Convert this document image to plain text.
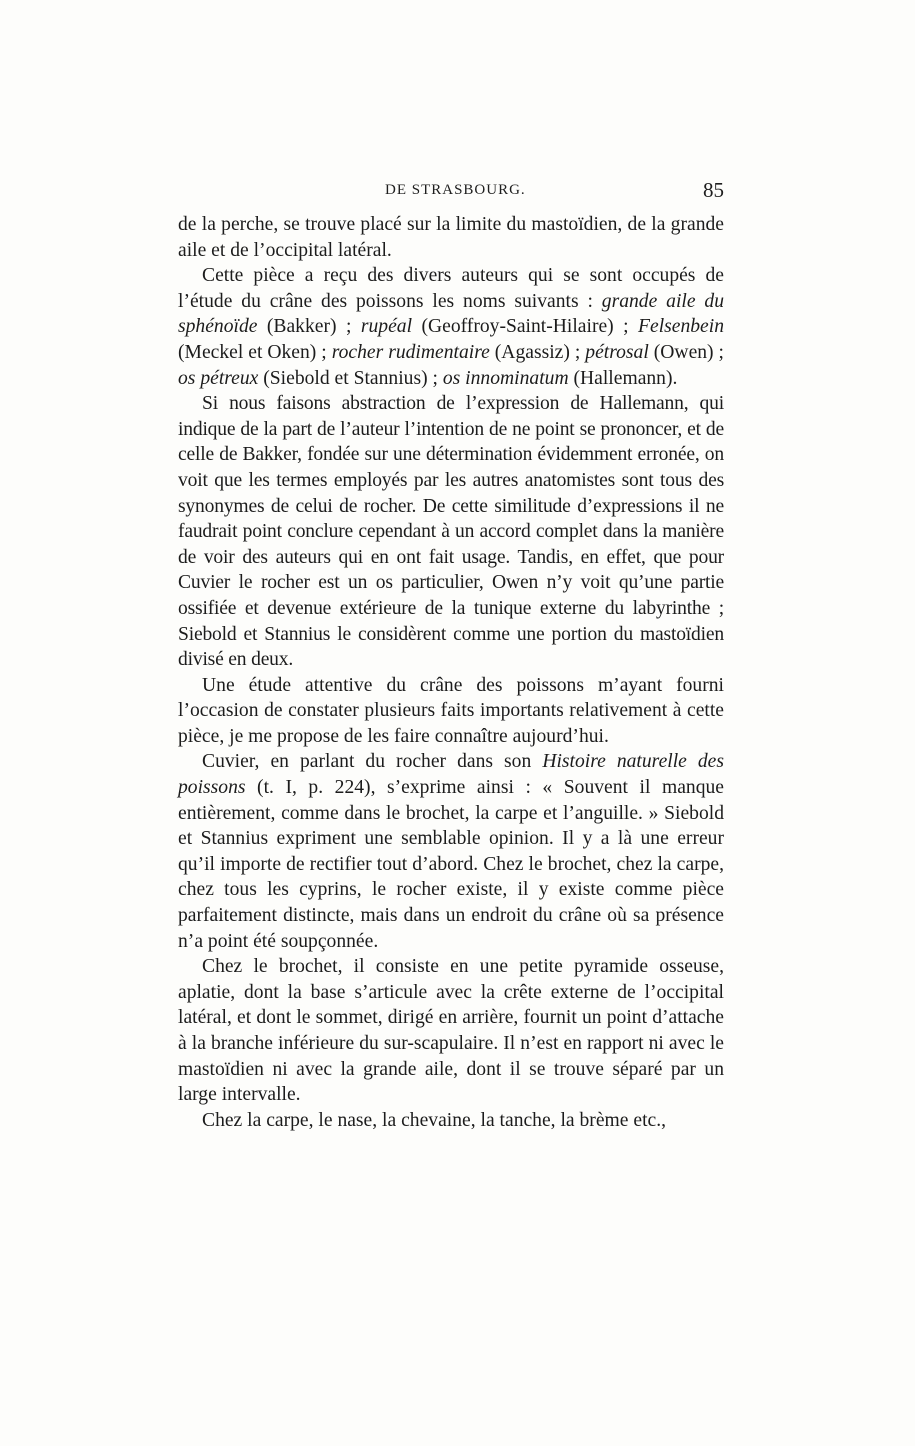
DE STRASBOURG.	85

de la perche, se trouve placé sur la limite du mastoïdien, de la grande aile et de l’occipital latéral.

Cette pièce a reçu des divers auteurs qui se sont occupés de l’étude du crâne des poissons les noms suivants : grande aile du sphénoïde (Bakker) ; rupéal (Geoffroy-Saint-Hilaire) ; Felsenbein (Meckel et Oken) ; rocher rudimentaire (Agassiz) ; pétrosal (Owen) ; os pétreux (Siebold et Stannius) ; os innominatum (Hallemann).

Si nous faisons abstraction de l’expression de Hallemann, qui indique de la part de l’auteur l’intention de ne point se prononcer, et de celle de Bakker, fondée sur une détermination évidemment erronée, on voit que les termes employés par les autres anatomistes sont tous des synonymes de celui de rocher. De cette similitude d’expressions il ne faudrait point conclure cependant à un accord complet dans la manière de voir des auteurs qui en ont fait usage. Tandis, en effet, que pour Cuvier le rocher est un os particulier, Owen n’y voit qu’une partie ossifiée et devenue extérieure de la tunique externe du labyrinthe ; Siebold et Stannius le considèrent comme une portion du mastoïdien divisé en deux.

Une étude attentive du crâne des poissons m’ayant fourni l’occasion de constater plusieurs faits importants relativement à cette pièce, je me propose de les faire connaître aujourd’hui.

Cuvier, en parlant du rocher dans son Histoire naturelle des poissons (t. I, p. 224), s’exprime ainsi : « Souvent il manque entièrement, comme dans le brochet, la carpe et l’anguille. » Siebold et Stannius expriment une semblable opinion. Il y a là une erreur qu’il importe de rectifier tout d’abord. Chez le brochet, chez la carpe, chez tous les cyprins, le rocher existe, il y existe comme pièce parfaitement distincte, mais dans un endroit du crâne où sa présence n’a point été soupçonnée.

Chez le brochet, il consiste en une petite pyramide osseuse, aplatie, dont la base s’articule avec la crête externe de l’occipital latéral, et dont le sommet, dirigé en arrière, fournit un point d’attache à la branche inférieure du sur-scapulaire. Il n’est en rapport ni avec le mastoïdien ni avec la grande aile, dont il se trouve séparé par un large intervalle.

Chez la carpe, le nase, la chevaine, la tanche, la brème etc.,
